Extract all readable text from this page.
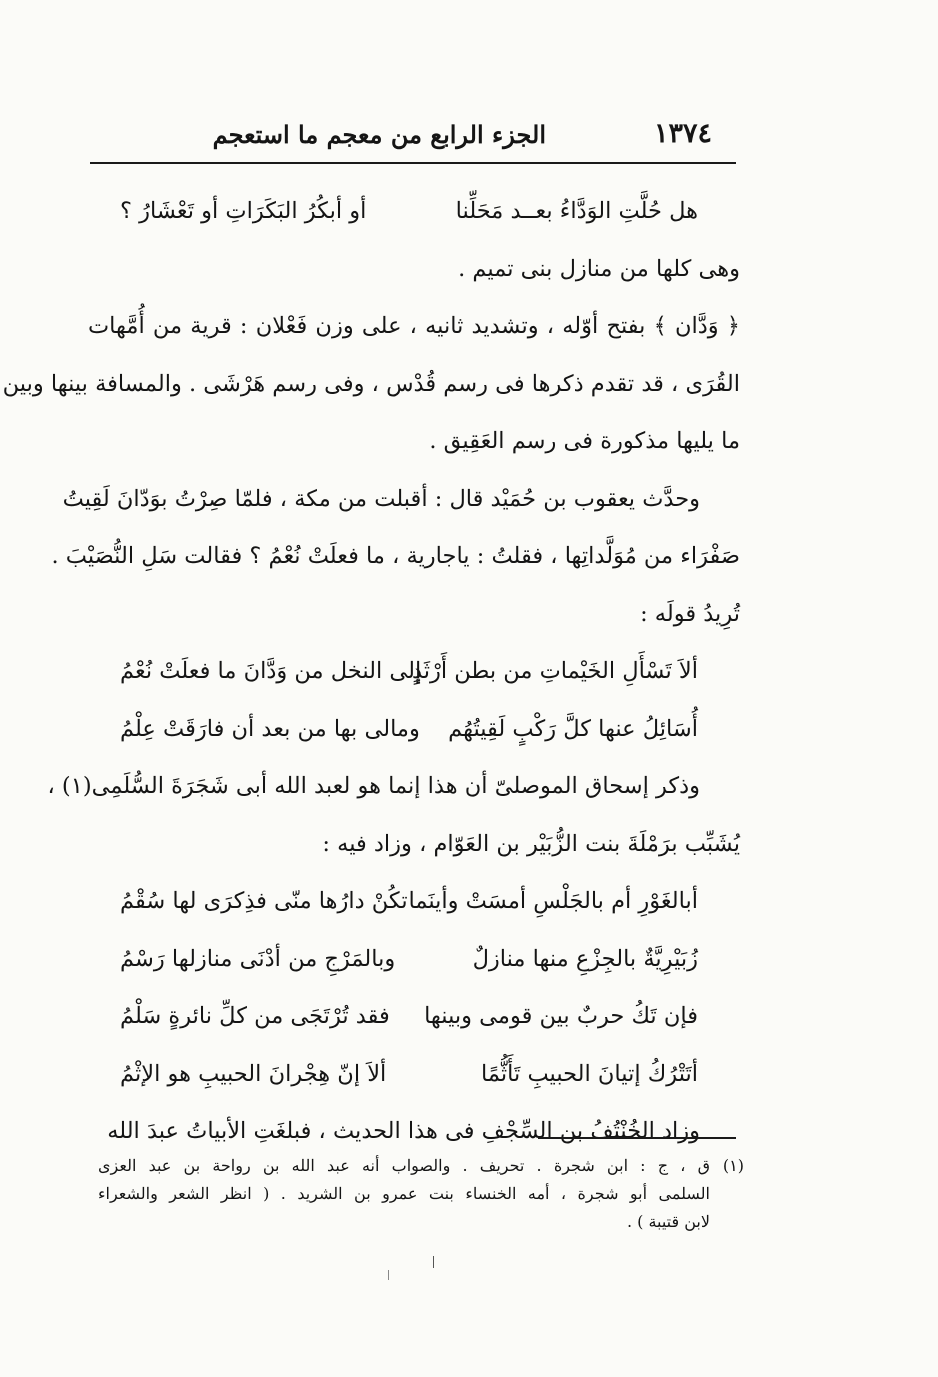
١٣٧٤
الجزء الرابع من معجم ما استعجم
هل حُلَّتِ الوَدَّاءُ بعــد مَحَلِّنا
أو أبكُرُ البَكَرَاتِ أو تَعْشَارُ ؟
وهى كلها من منازل بنى تميم .
﴿ وَدَّان ﴾ بفتح أوّله ، وتشديد ثانيه ، على وزن فَعْلان : قرية من أُمَّهات
القُرَى ، قد تقدم ذكرها فى رسم قُدْس ، وفى رسم هَرْشَى . والمسافة بينها وبين
ما يليها مذكورة فى رسم العَقِيق .
وحدَّث يعقوب بن حُمَيْد قال : أقبلت من مكة ، فلمّا صِرْتُ بوَدّانَ لَقِيتُ
صَفْرَاء من مُوَلَّداتِها ، فقلتُ : ياجارية ، ما فعلَتْ نُعْمُ ؟ فقالت سَلِ النُّصَيْبَ .
تُرِيدُ قولَه :
ألاَ تَسْأَلِ الخَيْماتِ من بطن أَرْثَدٍ
إلى النخل من وَدَّانَ ما فعلَتْ نُعْمُ
أُسَائِلُ عنها كلَّ رَكْبٍ لَقِيتُهُم
ومالى بها من بعد أن فارَقَتْ عِلْمُ
وذكر إسحاق الموصلىّ أن هذا إنما هو لعبد الله أبى شَجَرَةَ السُّلَمِى(١) ،
يُشَبِّب برَمْلَةَ بنت الزُّبَيْر بن العَوّام ، وزاد فيه :
أبالغَوْرِ أم بالجَلْسِ أمسَتْ وأينَما
تكُنْ دارُها منّى فذِكرَى لها سُقْمُ
زُبَيْرِيَّةٌ بالجِزْعِ منها منازلٌ
وبالمَرْجِ من أدْنَى منازلها رَسْمُ
فإن تَكُ حربٌ بين قومى وبينها
فقد تُرْتَجَى من كلِّ نائرةٍ سَلْمُ
أتَتْرُكُ إتيانَ الحبيبِ تَأَثُّمًا
ألاَ إنّ هِجْرانَ الحبيبِ هو الإثْمُ
وزاد الخُنْتُفُ بن السِّجْفِ فى هذا الحديث ، فبلغَتِ الأبياتُ عبدَ الله
(١)
ق ، ج : ابن شجرة . تحريف . والصواب أنه عبد الله بن رواحة بن عبد العزى
السلمى أبو شجرة ، أمه الخنساء بنت عمرو بن الشريد . ( انظر الشعر والشعراء
لابن قتيبة ) .
